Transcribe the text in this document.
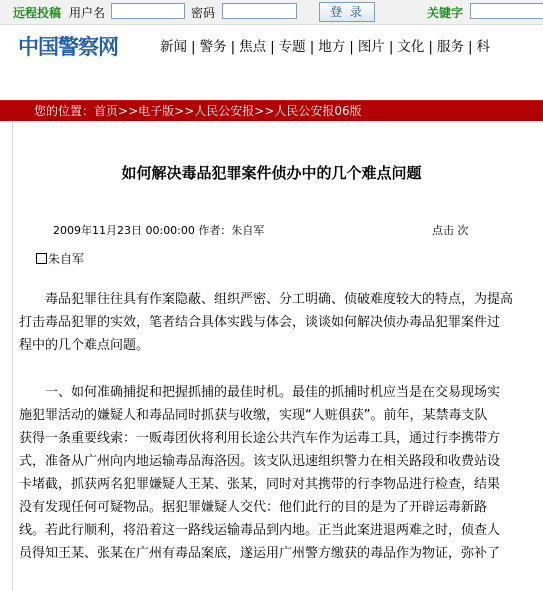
远程投稿 用户名	密码	登 录	关键字
中国警察网	新闻 | 警务 | 焦点 | 专题 | 地方 | 图片 | 文化 | 服务 | 科
您的位置：首页>>电子版>>人民公安报>>人民公安报06版
如何解决毒品犯罪案件侦办中的几个难点问题
2009年11月23日 00:00:00 作者：朱自军	点击 次
朱自军
　　毒品犯罪往往具有作案隐蔽、组织严密、分工明确、侦破难度较大的特点，为提高
打击毒品犯罪的实效，笔者结合具体实践与体会，谈谈如何解决侦办毒品犯罪案件过
程中的几个难点问题。
　　一、如何准确捕捉和把握抓捕的最佳时机。最佳的抓捕时机应当是在交易现场实
施犯罪活动的嫌疑人和毒品同时抓获与收缴，实现“人赃俱获”。前年，某禁毒支队
获得一条重要线索：一贩毒团伙将利用长途公共汽车作为运毒工具，通过行李携带方
式，准备从广州向内地运输毒品海洛因。该支队迅速组织警力在相关路段和收费站设
卡堵截，抓获两名犯罪嫌疑人王某、张某，同时对其携带的行李物品进行检查，结果
没有发现任何可疑物品。据犯罪嫌疑人交代：他们此行的目的是为了开辟运毒新路
线。若此行顺利，将沿着这一路线运输毒品到内地。正当此案进退两难之时，侦查人
员得知王某、张某在广州有毒品案底，遂运用广州警方缴获的毒品作为物证，弥补了
